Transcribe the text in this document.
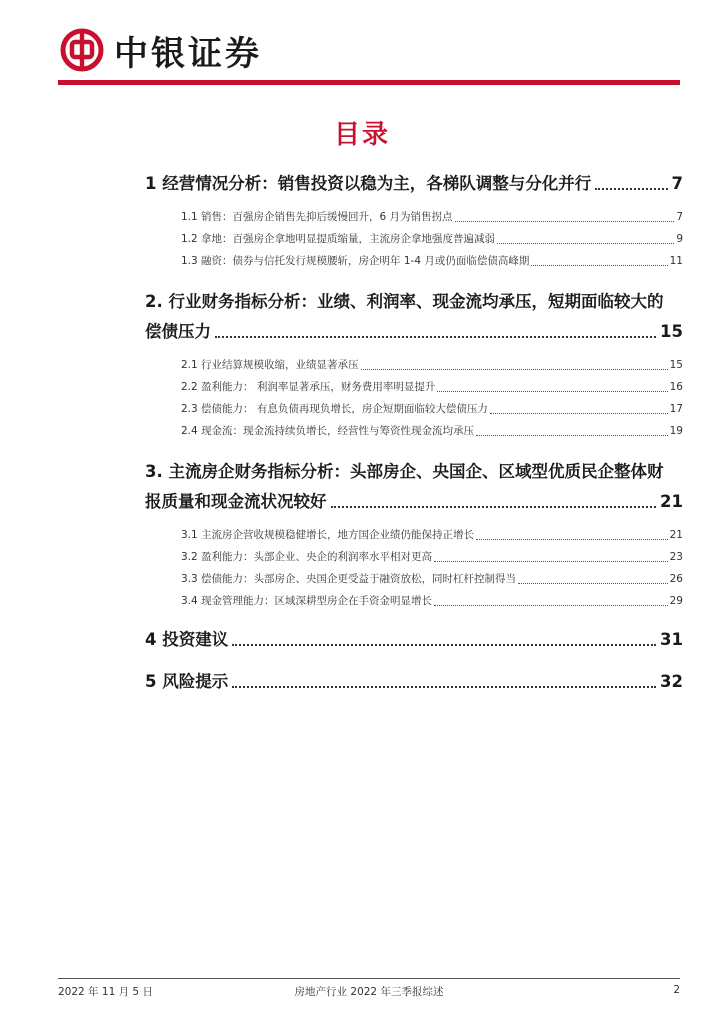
中银证券
目录
1 经营情况分析：销售投资以稳为主，各梯队调整与分化并行	7
1.1 销售：百强房企销售先抑后缓慢回升，6 月为销售拐点	7
1.2 拿地：百强房企拿地明显提质缩量，主流房企拿地强度普遍减弱	9
1.3 融资：债券与信托发行规模腰斩，房企明年 1-4 月或仍面临偿债高峰期	11
2. 行业财务指标分析：业绩、利润率、现金流均承压，短期面临较大的
偿债压力	15
2.1 行业结算规模收缩，业绩显著承压	15
2.2 盈利能力： 利润率显著承压，财务费用率明显提升	16
2.3 偿债能力： 有息负债再现负增长，房企短期面临较大偿债压力	17
2.4 现金流：现金流持续负增长，经营性与筹资性现金流均承压	19
3. 主流房企财务指标分析：头部房企、央国企、区域型优质民企整体财
报质量和现金流状况较好	21
3.1 主流房企营收规模稳健增长，地方国企业绩仍能保持正增长	21
3.2 盈利能力：头部企业、央企的利润率水平相对更高	23
3.3 偿债能力：头部房企、央国企更受益于融资放松，同时杠杆控制得当	26
3.4 现金管理能力：区域深耕型房企在手资金明显增长	29
4 投资建议	31
5 风险提示	32
2022 年 11 月 5 日	房地产行业 2022 年三季报综述	2
